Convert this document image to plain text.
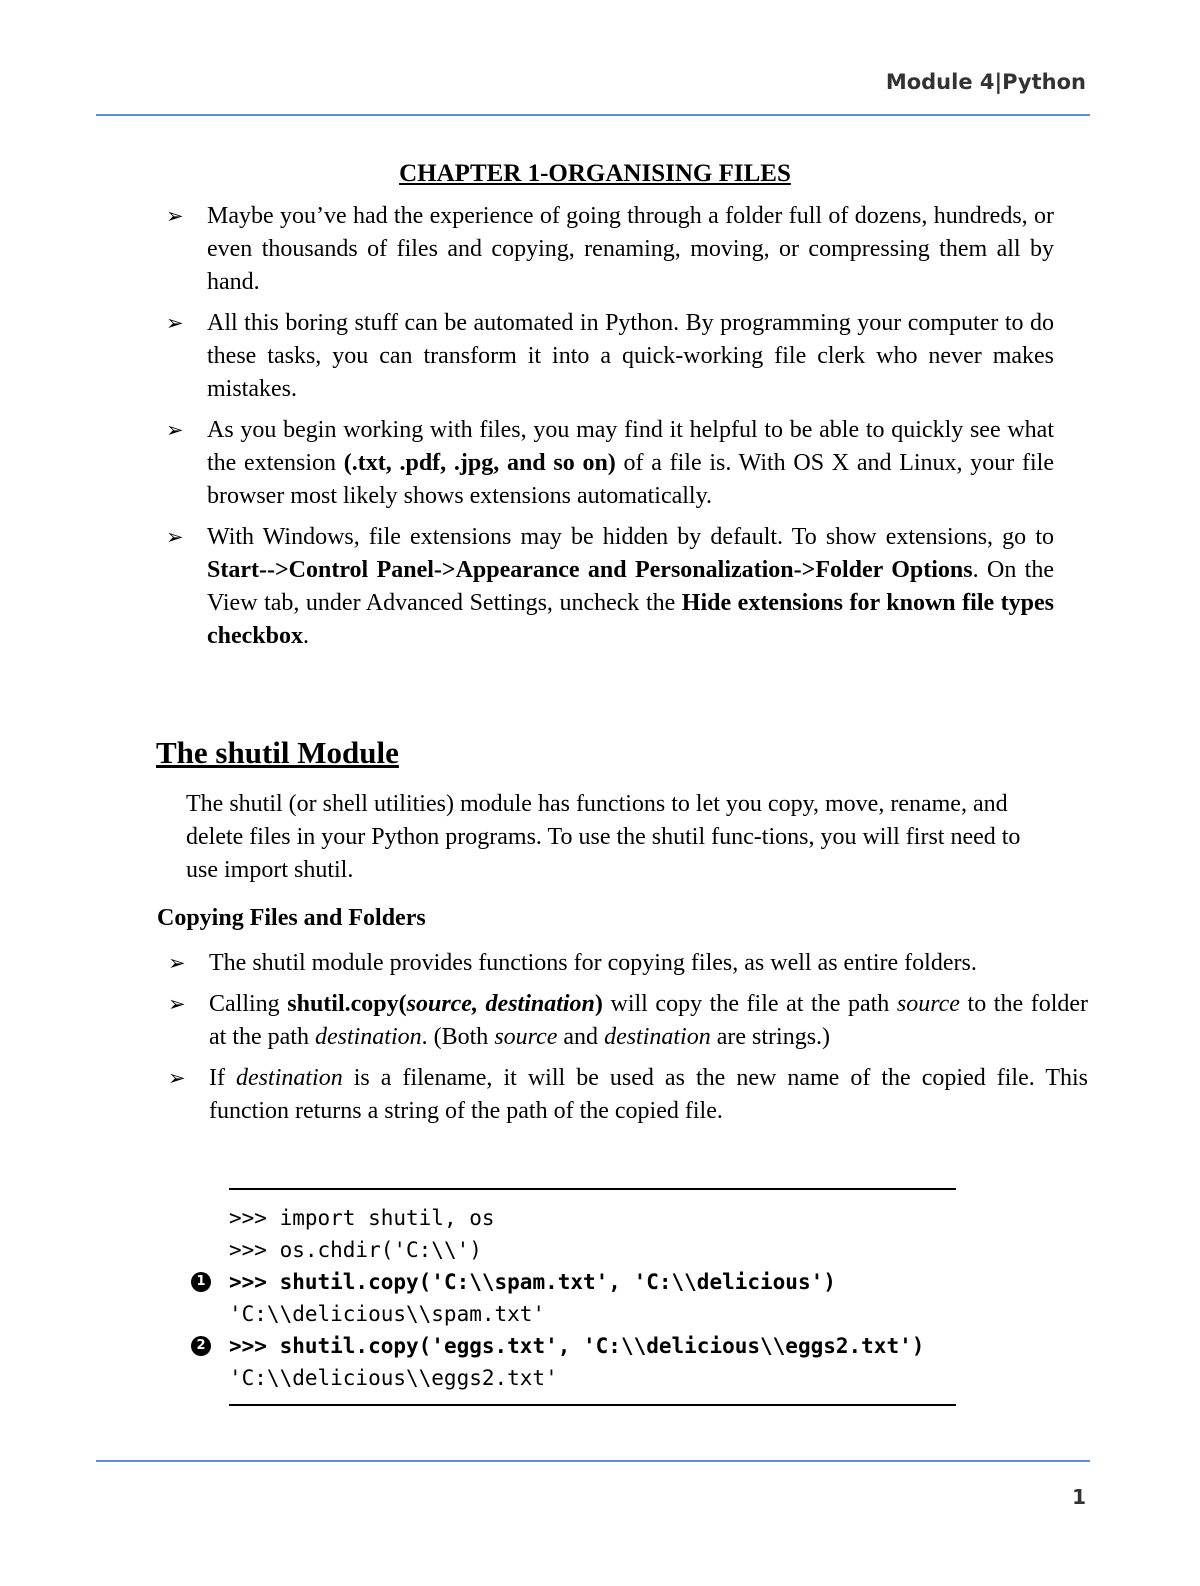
Module 4|Python
CHAPTER 1-ORGANISING FILES
➢ Maybe you’ve had the experience of going through a folder full of dozens, hundreds, or even thousands of files and copying, renaming, moving, or compressing them all by hand.
➢ All this boring stuff can be automated in Python. By programming your computer to do these tasks, you can transform it into a quick-working file clerk who never makes mistakes.
➢ As you begin working with files, you may find it helpful to be able to quickly see what the extension (.txt, .pdf, .jpg, and so on) of a file is. With OS X and Linux, your file browser most likely shows extensions automatically.
➢ With Windows, file extensions may be hidden by default. To show extensions, go to Start-->Control Panel->Appearance and Personalization->Folder Options. On the View tab, under Advanced Settings, uncheck the Hide extensions for known file types checkbox.
The shutil Module
The shutil (or shell utilities) module has functions to let you copy, move, rename, and delete files in your Python programs. To use the shutil func-tions, you will first need to use import shutil.
Copying Files and Folders
➢ The shutil module provides functions for copying files, as well as entire folders.
➢ Calling shutil.copy(source, destination) will copy the file at the path source to the folder at the path destination. (Both source and destination are strings.)
➢ If destination is a filename, it will be used as the new name of the copied file. This function returns a string of the path of the copied file.
>>> import shutil, os
>>> os.chdir('C:\\')
1 >>> shutil.copy('C:\\spam.txt', 'C:\\delicious')
'C:\\delicious\\spam.txt'
2 >>> shutil.copy('eggs.txt', 'C:\\delicious\\eggs2.txt')
'C:\\delicious\\eggs2.txt'
1
